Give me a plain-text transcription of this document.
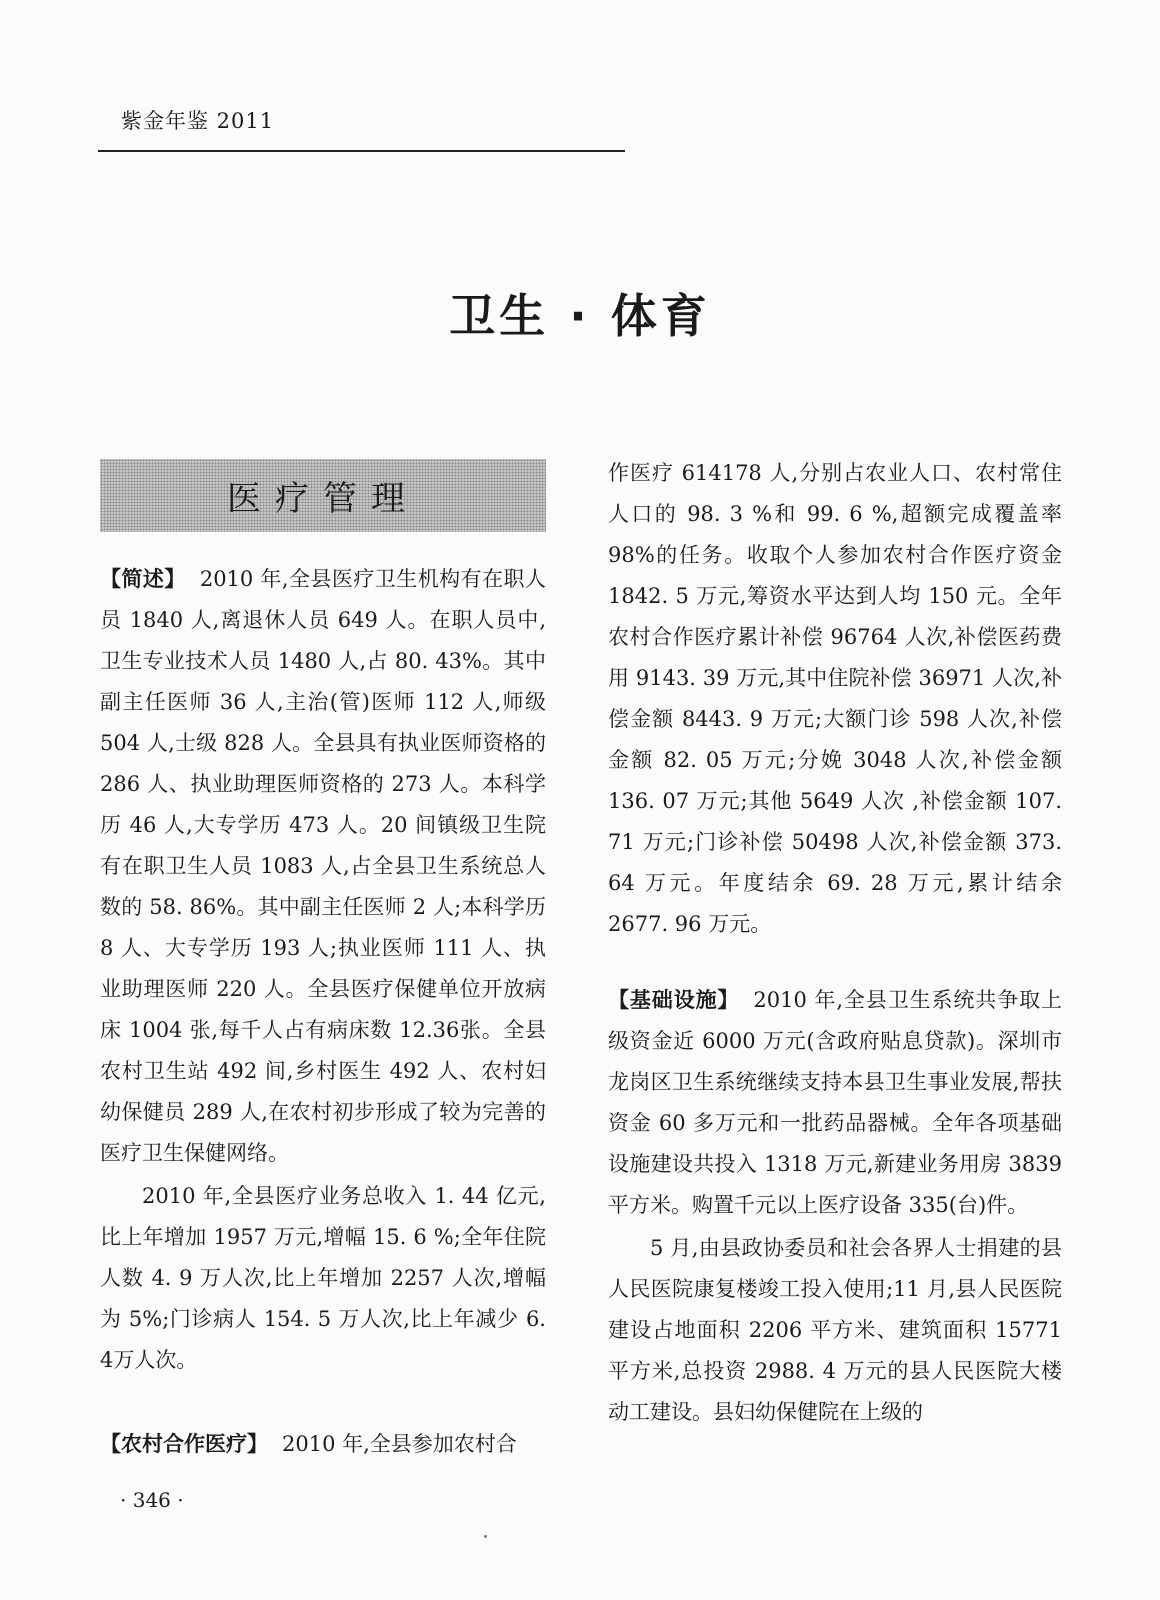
紫金年鉴 2011
卫生 · 体育
医疗管理

【简述】 2010 年,全县医疗卫生机构有在职人员 1840 人,离退休人员 649 人。在职人员中,卫生专业技术人员 1480 人,占 80. 43%。其中副主任医师 36 人,主治(管)医师 112 人,师级 504 人,士级 828 人。全县具有执业医师资格的 286 人、执业助理医师资格的 273 人。本科学历 46 人,大专学历 473 人。20 间镇级卫生院有在职卫生人员 1083 人,占全县卫生系统总人数的 58. 86%。其中副主任医师 2 人;本科学历 8 人、大专学历 193 人;执业医师 111 人、执业助理医师 220 人。全县医疗保健单位开放病床 1004 张,每千人占有病床数 12.36张。全县农村卫生站 492 间,乡村医生 492 人、农村妇幼保健员 289 人,在农村初步形成了较为完善的医疗卫生保健网络。

2010 年,全县医疗业务总收入 1. 44 亿元,比上年增加 1957 万元,增幅 15. 6 %;全年住院人数 4. 9 万人次,比上年增加 2257 人次,增幅为 5%;门诊病人 154. 5 万人次,比上年减少 6. 4万人次。

【农村合作医疗】 2010 年,全县参加农村合

作医疗 614178 人,分别占农业人口、农村常住人口的 98. 3 %和 99. 6 %,超额完成覆盖率 98%的任务。收取个人参加农村合作医疗资金 1842. 5 万元,筹资水平达到人均 150 元。全年农村合作医疗累计补偿 96764 人次,补偿医药费用 9143. 39 万元,其中住院补偿 36971 人次,补偿金额 8443. 9 万元;大额门诊 598 人次,补偿金额 82. 05 万元;分娩 3048 人次,补偿金额 136. 07 万元;其他 5649 人次 ,补偿金额 107. 71 万元;门诊补偿 50498 人次,补偿金额 373. 64 万元。年度结余 69. 28 万元,累计结余 2677. 96 万元。

【基础设施】 2010 年,全县卫生系统共争取上级资金近 6000 万元(含政府贴息贷款)。深圳市龙岗区卫生系统继续支持本县卫生事业发展,帮扶资金 60 多万元和一批药品器械。全年各项基础设施建设共投入 1318 万元,新建业务用房 3839 平方米。购置千元以上医疗设备 335(台)件。

5 月,由县政协委员和社会各界人士捐建的县人民医院康复楼竣工投入使用;11 月,县人民医院建设占地面积 2206 平方米、建筑面积 15771 平方米,总投资 2988. 4 万元的县人民医院大楼动工建设。县妇幼保健院在上级的

· 346 ·
